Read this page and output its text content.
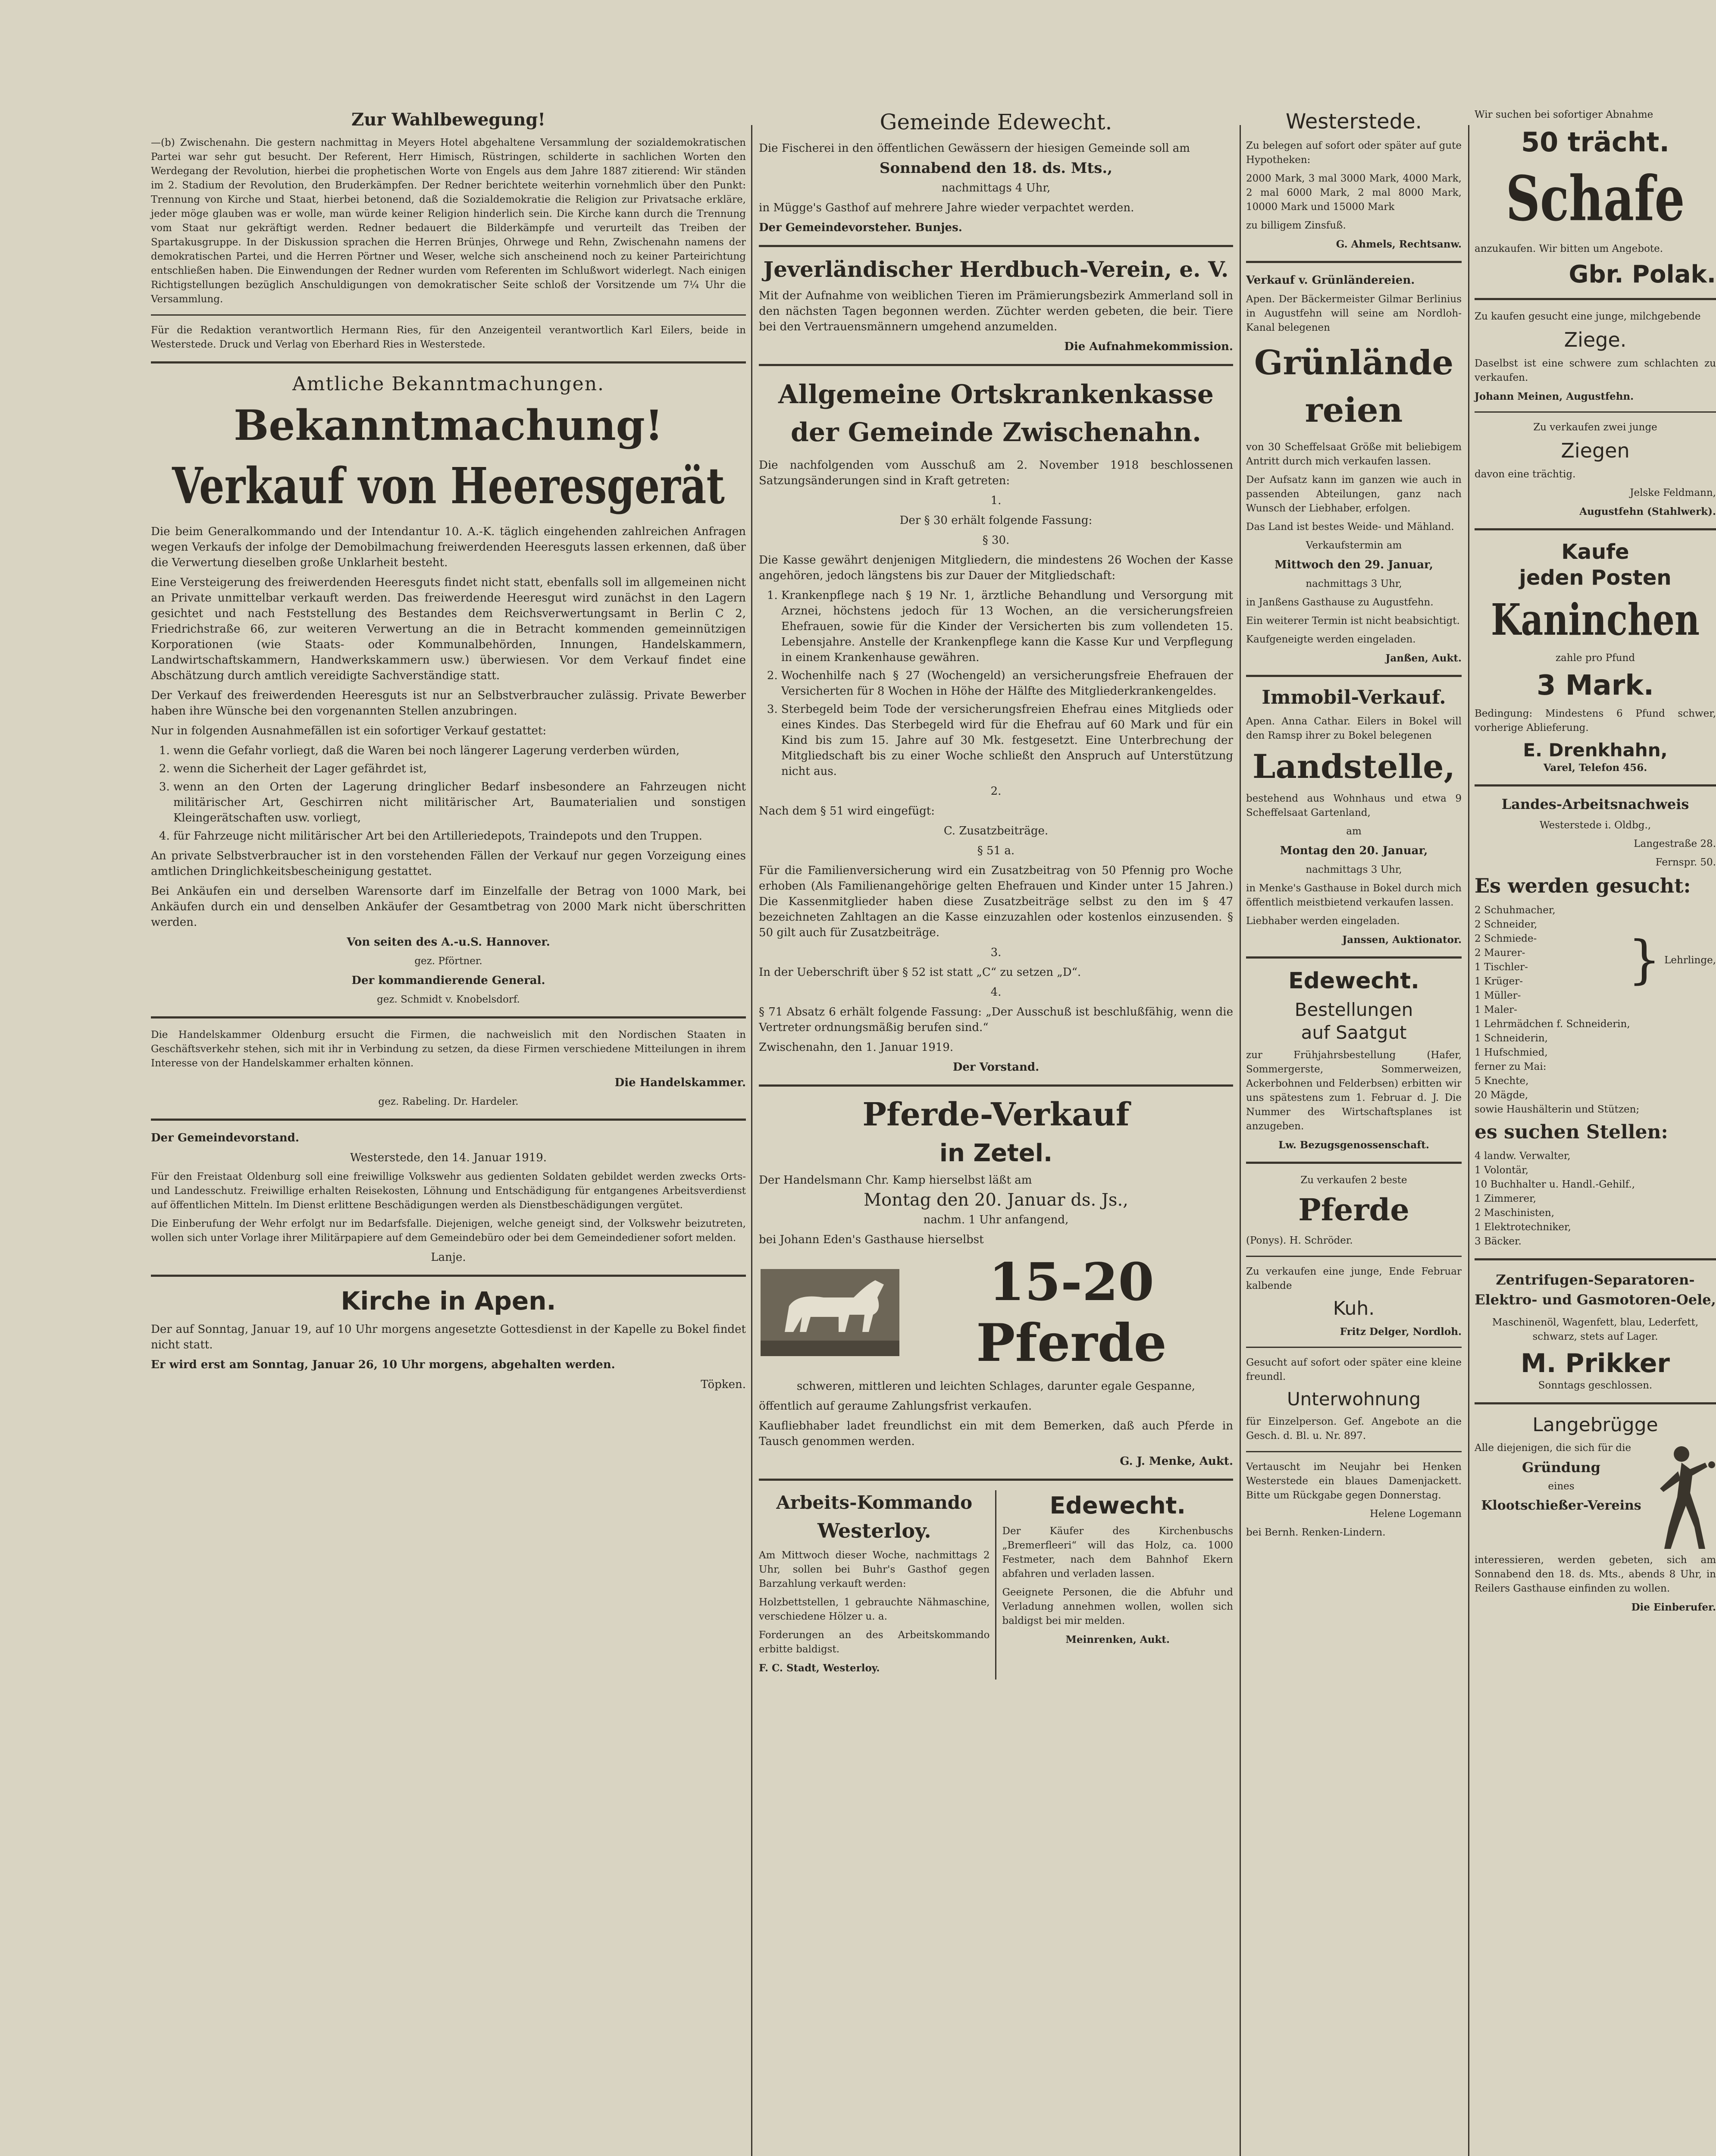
Zur Wahlbewegung!

—(b) Zwischenahn. Die gestern nachmittag in Meyers Hotel abgehaltene Versammlung der sozialdemokratischen Partei war sehr gut besucht. Der Referent, Herr Himisch, Rüstringen, schilderte in sachlichen Worten den Werdegang der Revolution, hierbei die prophetischen Worte von Engels aus dem Jahre 1887 zitierend: Wir ständen im 2. Stadium der Revolution, den Bruderkämpfen. Der Redner berichtete weiterhin vornehmlich über den Punkt: Trennung von Kirche und Staat, hierbei betonend, daß die Sozialdemokratie die Religion zur Privatsache erkläre, jeder möge glauben was er wolle, man würde keiner Religion hinderlich sein. Die Kirche kann durch die Trennung vom Staat nur gekräftigt werden. Redner bedauert die Bilderkämpfe und verurteilt das Treiben der Spartakusgruppe. In der Diskussion sprachen die Herren Brünjes, Ohrwege und Rehn, Zwischenahn namens der demokratischen Partei, und die Herren Pörtner und Weser, welche sich anscheinend noch zu keiner Parteirichtung entschließen haben. Die Einwendungen der Redner wurden vom Referenten im Schlußwort widerlegt. Nach einigen Richtigstellungen bezüglich Anschuldigungen von demokratischer Seite schloß der Vorsitzende um 7¼ Uhr die Versammlung.

Für die Redaktion verantwortlich Hermann Ries, für den Anzeigenteil verantwortlich Karl Eilers, beide in Westerstede. Druck und Verlag von Eberhard Ries in Westerstede.

Amtliche Bekanntmachungen.
Bekanntmachung!
Verkauf von Heeresgerät

Die beim Generalkommando und der Intendantur 10. A.-K. täglich eingehenden zahlreichen Anfragen wegen Verkaufs der infolge der Demobilmachung freiwerdenden Heeresguts lassen erkennen, daß über die Verwertung dieselben große Unklarheit besteht.

Eine Versteigerung des freiwerdenden Heeresguts findet nicht statt, ebenfalls soll im allgemeinen nicht an Private unmittelbar verkauft werden. Das freiwerdende Heeresgut wird zunächst in den Lagern gesichtet und nach Feststellung des Bestandes dem Reichsverwertungsamt in Berlin C 2, Friedrichstraße 66, zur weiteren Verwertung an die in Betracht kommenden gemeinnützigen Korporationen (wie Staats- oder Kommunalbehörden, Innungen, Handelskammern, Landwirtschaftskammern, Handwerkskammern usw.) überwiesen. Vor dem Verkauf findet eine Abschätzung durch amtlich vereidigte Sachverständige statt.

Der Verkauf des freiwerdenden Heeresguts ist nur an Selbstverbraucher zulässig. Private Bewerber haben ihre Wünsche bei den vorgenannten Stellen anzubringen.

Nur in folgenden Ausnahmefällen ist ein sofortiger Verkauf gestattet:

1. wenn die Gefahr vorliegt, daß die Waren bei noch längerer Lagerung verderben würden,
2. wenn die Sicherheit der Lager gefährdet ist,
3. wenn an den Orten der Lagerung dringlicher Bedarf insbesondere an Fahrzeugen nicht militärischer Art, Geschirren nicht militärischer Art, Baumaterialien und sonstigen Kleingerätschaften usw. vorliegt,
4. für Fahrzeuge nicht militärischer Art bei den Artilleriedepots, Traindepots und den Truppen.

An private Selbstverbraucher ist in den vorstehenden Fällen der Verkauf nur gegen Vorzeigung eines amtlichen Dringlichkeitsbescheinigung gestattet.

Bei Ankäufen ein und derselben Warensorte darf im Einzelfalle der Betrag von 1000 Mark, bei Ankäufen durch ein und denselben Ankäufer der Gesamtbetrag von 2000 Mark nicht überschritten werden.

Von seiten des A.-u.S. Hannover.

gez. Pförtner.

Der kommandierende General.

gez. Schmidt v. Knobelsdorf.

Die Handelskammer Oldenburg ersucht die Firmen, die nachweislich mit den Nordischen Staaten in Geschäftsverkehr stehen, sich mit ihr in Verbindung zu setzen, da diese Firmen verschiedene Mitteilungen in ihrem Interesse von der Handelskammer erhalten können.

Die Handelskammer.

gez. Rabeling. Dr. Hardeler.

Der Gemeindevorstand.

Westerstede, den 14. Januar 1919.

Für den Freistaat Oldenburg soll eine freiwillige Volkswehr aus gedienten Soldaten gebildet werden zwecks Orts- und Landesschutz. Freiwillige erhalten Reisekosten, Löhnung und Entschädigung für entgangenes Arbeitsverdienst auf öffentlichen Mitteln. Im Dienst erlittene Beschädigungen werden als Dienstbeschädigungen vergütet.

Die Einberufung der Wehr erfolgt nur im Bedarfsfalle. Diejenigen, welche geneigt sind, der Volkswehr beizutreten, wollen sich unter Vorlage ihrer Militärpapiere auf dem Gemeindebüro oder bei dem Gemeindediener sofort melden.

Lanje.

Kirche in Apen.

Der auf Sonntag, Januar 19, auf 10 Uhr morgens angesetzte Gottesdienst in der Kapelle zu Bokel findet nicht statt.

Er wird erst am Sonntag, Januar 26, 10 Uhr morgens, abgehalten werden.

Töpken.

Gemeinde Edewecht.

Die Fischerei in den öffentlichen Gewässern der hiesigen Gemeinde soll am

Sonnabend den 18. ds. Mts.,

nachmittags 4 Uhr,

in Mügge's Gasthof auf mehrere Jahre wieder verpachtet werden.

Der Gemeindevorsteher. Bunjes.

Jeverländischer Herdbuch-Verein, e. V.

Mit der Aufnahme von weiblichen Tieren im Prämierungsbezirk Ammerland soll in den nächsten Tagen begonnen werden. Züchter werden gebeten, die beir. Tiere bei den Vertrauensmännern umgehend anzumelden.

Die Aufnahmekommission.

Allgemeine Ortskrankenkasse der Gemeinde Zwischenahn.

Die nachfolgenden vom Ausschuß am 2. November 1918 beschlossenen Satzungsänderungen sind in Kraft getreten:

1.

Der § 30 erhält folgende Fassung:

§ 30.

Die Kasse gewährt denjenigen Mitgliedern, die mindestens 26 Wochen der Kasse angehören, jedoch längstens bis zur Dauer der Mitgliedschaft:

1. Krankenpflege nach § 19 Nr. 1, ärztliche Behandlung und Versorgung mit Arznei, höchstens jedoch für 13 Wochen, an die versicherungsfreien Ehefrauen, sowie für die Kinder der Versicherten bis zum vollendeten 15. Lebensjahre. Anstelle der Krankenpflege kann die Kasse Kur und Verpflegung in einem Krankenhause gewähren.
2. Wochenhilfe nach § 27 (Wochengeld) an versicherungsfreie Ehefrauen der Versicherten für 8 Wochen in Höhe der Hälfte des Mitgliederkrankengeldes.
3. Sterbegeld beim Tode der versicherungsfreien Ehefrau eines Mitglieds oder eines Kindes. Das Sterbegeld wird für die Ehefrau auf 60 Mark und für ein Kind bis zum 15. Jahre auf 30 Mk. festgesetzt. Eine Unterbrechung der Mitgliedschaft bis zu einer Woche schließt den Anspruch auf Unterstützung nicht aus.

2.

Nach dem § 51 wird eingefügt:

C. Zusatzbeiträge.

§ 51 a.

Für die Familienversicherung wird ein Zusatzbeitrag von 50 Pfennig pro Woche erhoben (Als Familienangehörige gelten Ehefrauen und Kinder unter 15 Jahren.) Die Kassenmitglieder haben diese Zusatzbeiträge selbst zu den im § 47 bezeichneten Zahltagen an die Kasse einzuzahlen oder kostenlos einzusenden. § 50 gilt auch für Zusatzbeiträge.

3.

In der Ueberschrift über § 52 ist statt „C“ zu setzen „D“.

4.

§ 71 Absatz 6 erhält folgende Fassung: „Der Ausschuß ist beschlußfähig, wenn die Vertreter ordnungsmäßig berufen sind.“

Zwischenahn, den 1. Januar 1919.

Der Vorstand.

Pferde-Verkauf
in Zetel.

Der Handelsmann Chr. Kamp hierselbst läßt am

Montag den 20. Januar ds. Js.,

nachm. 1 Uhr anfangend,

bei Johann Eden's Gasthause hierselbst

15-20 Pferde

schweren, mittleren und leichten Schlages, darunter egale Gespanne,

öffentlich auf geraume Zahlungsfrist verkaufen.

Kaufliebhaber ladet freundlichst ein mit dem Bemerken, daß auch Pferde in Tausch genommen werden.

G. J. Menke, Aukt.

Arbeits-Kommando
Westerloy.

Am Mittwoch dieser Woche, nachmittags 2 Uhr, sollen bei Buhr's Gasthof gegen Barzahlung verkauft werden:

Holzbettstellen, 1 gebrauchte Nähmaschine, verschiedene Hölzer u. a.

Forderungen an des Arbeitskommando erbitte baldigst.

F. C. Stadt, Westerloy.

Edewecht.

Der Käufer des Kirchenbuschs „Bremerfleeri“ will das Holz, ca. 1000 Festmeter, nach dem Bahnhof Ekern abfahren und verladen lassen.

Geeignete Personen, die die Abfuhr und Verladung annehmen wollen, wollen sich baldigst bei mir melden.

Meinrenken, Aukt.

Westerstede.

Zu belegen auf sofort oder später auf gute Hypotheken:

2000 Mark, 3 mal 3000 Mark, 4000 Mark, 2 mal 6000 Mark, 2 mal 8000 Mark, 10000 Mark und 15000 Mark

zu billigem Zinsfuß.

G. Ahmels, Rechtsanw.

Verkauf v. Grünländereien.

Apen. Der Bäckermeister Gilmar Berlinius in Augustfehn will seine am Nordloh-Kanal belegenen

Grünländereien

von 30 Scheffelsaat Größe mit beliebigem Antritt durch mich verkaufen lassen.

Der Aufsatz kann im ganzen wie auch in passenden Abteilungen, ganz nach Wunsch der Liebhaber, erfolgen.

Das Land ist bestes Weide- und Mähland.

Verkaufstermin am

Mittwoch den 29. Januar,

nachmittags 3 Uhr,

in Janßens Gasthause zu Augustfehn.

Ein weiterer Termin ist nicht beabsichtigt.

Kaufgeneigte werden eingeladen.

Janßen, Aukt.

Immobil-Verkauf.

Apen. Anna Cathar. Eilers in Bokel will den Ramsp ihrer zu Bokel belegenen

Landstelle,

bestehend aus Wohnhaus und etwa 9 Scheffelsaat Gartenland,

am

Montag den 20. Januar,

nachmittags 3 Uhr,

in Menke's Gasthause in Bokel durch mich öffentlich meistbietend verkaufen lassen.

Liebhaber werden eingeladen.

Janssen, Auktionator.

Edewecht.
Bestellungen
auf Saatgut

zur Frühjahrsbestellung (Hafer, Sommergerste, Sommerweizen, Ackerbohnen und Felderbsen) erbitten wir uns spätestens zum 1. Februar d. J. Die Nummer des Wirtschaftsplanes ist anzugeben.

Lw. Bezugsgenossenschaft.

Zu verkaufen 2 beste

Pferde

(Ponys). H. Schröder.

Zu verkaufen eine junge, Ende Februar kalbende

Kuh.

Fritz Delger, Nordloh.

Gesucht auf sofort oder später eine kleine freundl.

Unterwohnung

für Einzelperson. Gef. Angebote an die Gesch. d. Bl. u. Nr. 897.

Vertauscht im Neujahr bei Henken Westerstede ein blaues Damenjackett. Bitte um Rückgabe gegen Donnerstag.

Helene Logemann

bei Bernh. Renken-Lindern.

Wir suchen bei sofortiger Abnahme

50 trächt.
Schafe

anzukaufen. Wir bitten um Angebote.

Gbr. Polak.

Zu kaufen gesucht eine junge, milchgebende

Ziege.

Daselbst ist eine schwere zum schlachten zu verkaufen.

Johann Meinen, Augustfehn.

Zu verkaufen zwei junge

Ziegen

davon eine trächtig.

Jelske Feldmann,

Augustfehn (Stahlwerk).

Kaufe
jeden Posten
Kaninchen

zahle pro Pfund

3 Mark.

Bedingung: Mindestens 6 Pfund schwer, vorherige Ablieferung.

E. Drenkhahn,

Varel, Telefon 456.

Landes-Arbeitsnachweis

Westerstede i. Oldbg.,

Langestraße 28.

Fernspr. 50.

Es werden gesucht:

2 Schuhmacher,

2 Schneider,

2 Schmiede-

2 Maurer-

1 Tischler-

1 Krüger-

1 Müller-

1 Maler-

} Lehrlinge,

1 Lehrmädchen f. Schneiderin,

1 Schneiderin,

1 Hufschmied,

ferner zu Mai:

5 Knechte,

20 Mägde,

sowie Haushälterin und Stützen;

es suchen Stellen:

4 landw. Verwalter,

1 Volontär,

10 Buchhalter u. Handl.-Gehilf.,

1 Zimmerer,

2 Maschinisten,

1 Elektrotechniker,

3 Bäcker.

Zentrifugen-Separatoren-Elektro- und Gasmotoren-Oele,

Maschinenöl, Wagenfett, blau, Lederfett, schwarz, stets auf Lager.

M. Prikker

Sonntags geschlossen.

Langebrügge

Alle diejenigen, die sich für die

Gründung

eines

Klootschießer-Vereins

interessieren, werden gebeten, sich am Sonnabend den 18. ds. Mts., abends 8 Uhr, in Reilers Gasthause einfinden zu wollen.

Die Einberufer.
